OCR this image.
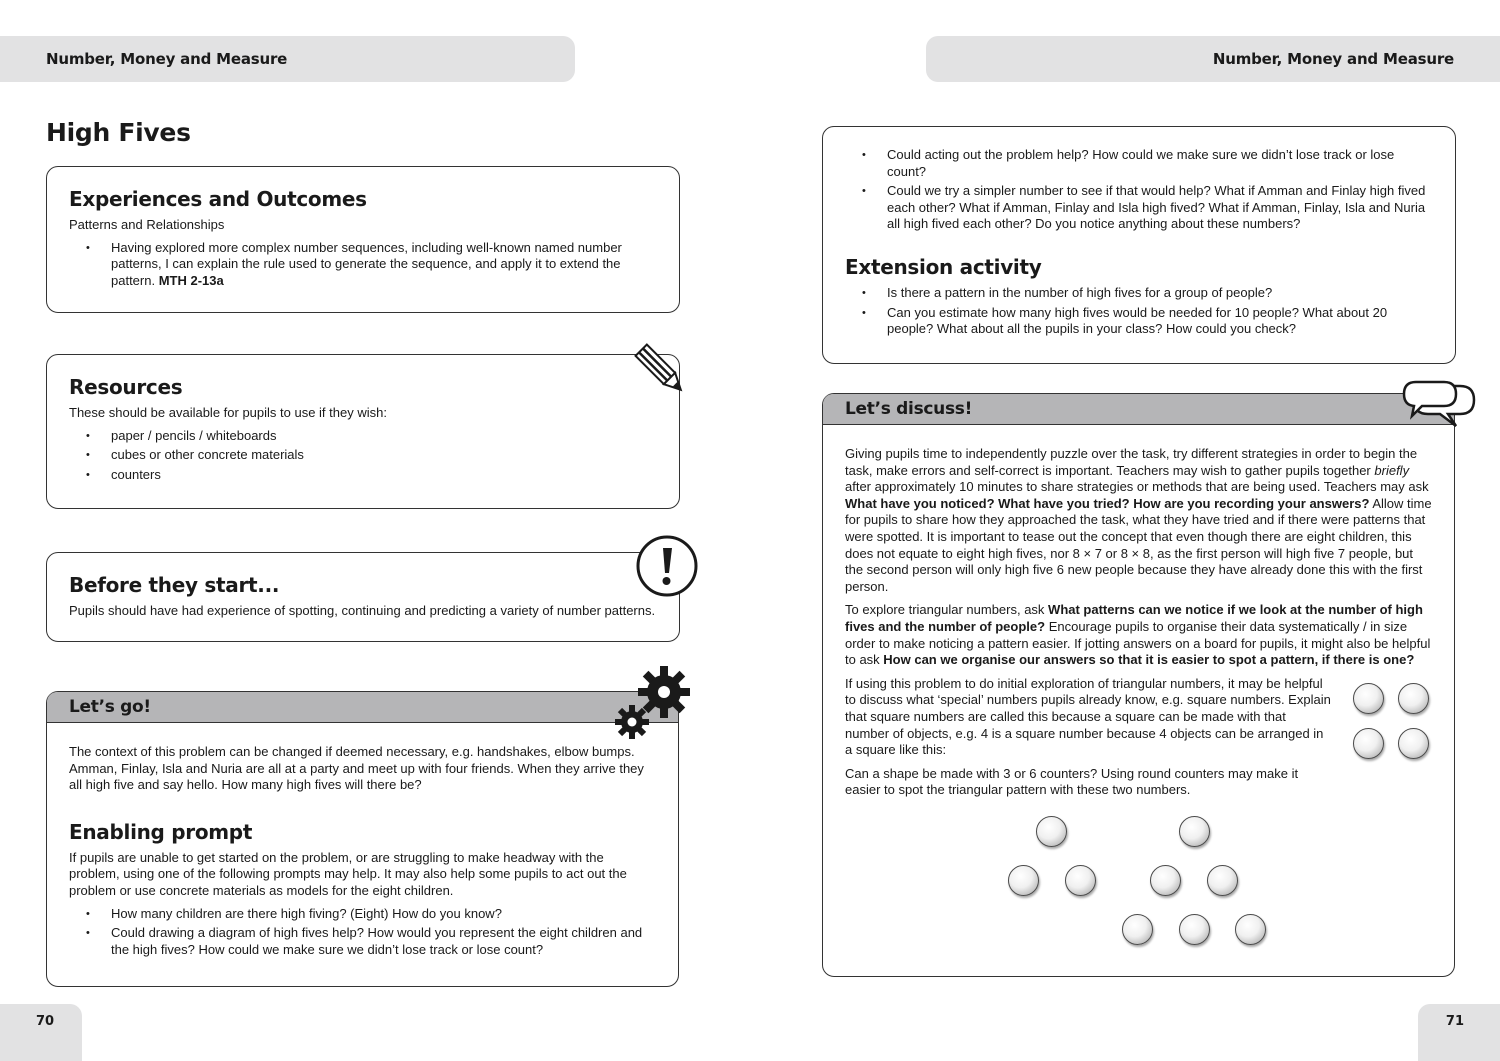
Number, Money and Measure	Number, Money and Measure
High Fives
Experiences and Outcomes

Patterns and Relationships

• Having explored more complex number sequences, including well-known named number patterns, I can explain the rule used to generate the sequence, and apply it to extend the pattern. MTH 2-13a
Resources

These should be available for pupils to use if they wish:

• paper / pencils / whiteboards
• cubes or other concrete materials
• counters
Before they start...

Pupils should have had experience of spotting, continuing and predicting a variety of number patterns.

Let’s go!

The context of this problem can be changed if deemed necessary, e.g. handshakes, elbow bumps. Amman, Finlay, Isla and Nuria are all at a party and meet up with four friends. When they arrive they all high five and say hello. How many high fives will there be?

Enabling prompt

If pupils are unable to get started on the problem, or are struggling to make headway with the problem, using one of the following prompts may help. It may also help some pupils to act out the problem or use concrete materials as models for the eight children.

• How many children are there high fiving? (Eight) How do you know?
• Could drawing a diagram of high fives help? How would you represent the eight children and the high fives? How could we make sure we didn’t lose track or lose count?
• Could acting out the problem help? How could we make sure we didn’t lose track or lose count?
• Could we try a simpler number to see if that would help? What if Amman and Finlay high fived each other? What if Amman, Finlay and Isla high fived? What if Amman, Finlay, Isla and Nuria all high fived each other? Do you notice anything about these numbers?
Extension activity
• Is there a pattern in the number of high fives for a group of people?
• Can you estimate how many high fives would be needed for 10 people? What about 20 people? What about all the pupils in your class? How could you check?
Let’s discuss!

Giving pupils time to independently puzzle over the task, try different strategies in order to begin the task, make errors and self-correct is important. Teachers may wish to gather pupils together briefly after approximately 10 minutes to share strategies or methods that are being used. Teachers may ask What have you noticed? What have you tried? How are you recording your answers? Allow time for pupils to share how they approached the task, what they have tried and if there were patterns that were spotted. It is important to tease out the concept that even though there are eight children, this does not equate to eight high fives, nor 8 × 7 or 8 × 8, as the first person will high five 7 people, but the second person will only high five 6 new people because they have already done this with the first person.

To explore triangular numbers, ask What patterns can we notice if we look at the number of high fives and the number of people? Encourage pupils to organise their data systematically / in size order to make noticing a pattern easier. If jotting answers on a board for pupils, it might also be helpful to ask How can we organise our answers so that it is easier to spot a pattern, if there is one?

If using this problem to do initial exploration of triangular numbers, it may be helpful to discuss what ‘special’ numbers pupils already know, e.g. square numbers. Explain that square numbers are called this because a square can be made with that number of objects, e.g. 4 is a square number because 4 objects can be arranged in a square like this:

Can a shape be made with 3 or 6 counters? Using round counters may make it easier to spot the triangular pattern with these two numbers.

70	71
